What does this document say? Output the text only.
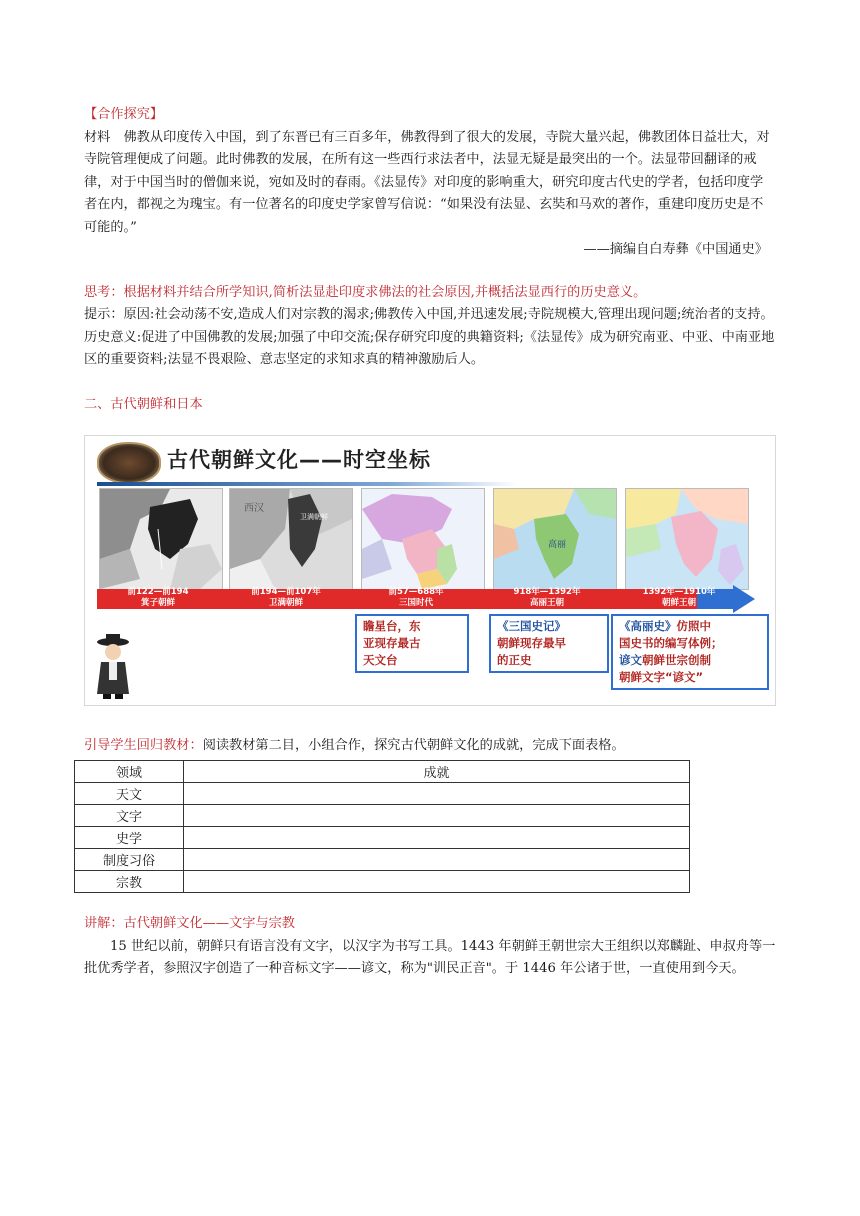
【合作探究】

材料　佛教从印度传入中国，到了东晋已有三百多年，佛教得到了很大的发展，寺院大量兴起，佛教团体日益壮大，对寺院管理便成了问题。此时佛教的发展，在所有这一些西行求法者中，法显无疑是最突出的一个。法显带回翻译的戒律，对于中国当时的僧伽来说，宛如及时的春雨。《法显传》对印度的影响重大，研究印度古代史的学者，包括印度学者在内，都视之为瑰宝。有一位著名的印度史学家曾写信说：“如果没有法显、玄奘和马欢的著作，重建印度历史是不可能的。”

——摘编自白寿彝《中国通史》

思考：根据材料并结合所学知识,简析法显赴印度求佛法的社会原因,并概括法显西行的历史意义。

提示：原因:社会动荡不安,造成人们对宗教的渴求;佛教传入中国,并迅速发展;寺院规模大,管理出现问题;统治者的支持。

历史意义:促进了中国佛教的发展;加强了中印交流;保存研究印度的典籍资料;《法显传》成为研究南亚、中亚、中南亚地区的重要资料;法显不畏艰险、意志坚定的求知求真的精神激励后人。

二、古代朝鲜和日本

古代朝鲜文化——时空坐标
西汉
卫满朝鲜
高丽
前122—前194
箕子朝鲜
前194—前107年
卫满朝鲜
前57—688年
三国时代
918年—1392年
高丽王朝
1392年—1910年
朝鲜王朝
瞻星台，东
亚现存最古
天文台
《三国史记》
朝鲜现存最早
的正史
《高丽史》仿照中
国史书的编写体例；
谚文朝鲜世宗创制
朝鲜文字“谚文”

引导学生回归教材：阅读教材第二目，小组合作，探究古代朝鲜文化的成就，完成下面表格。

领域	成就
天文	
文字	
史学	
制度习俗	
宗教	

讲解：古代朝鲜文化——文字与宗教

15 世纪以前，朝鲜只有语言没有文字，以汉字为书写工具。1443 年朝鲜王朝世宗大王组织以郑麟趾、申叔舟等一批优秀学者，参照汉字创造了一种音标文字——谚文，称为"训民正音"。于 1446 年公诸于世，一直使用到今天。
